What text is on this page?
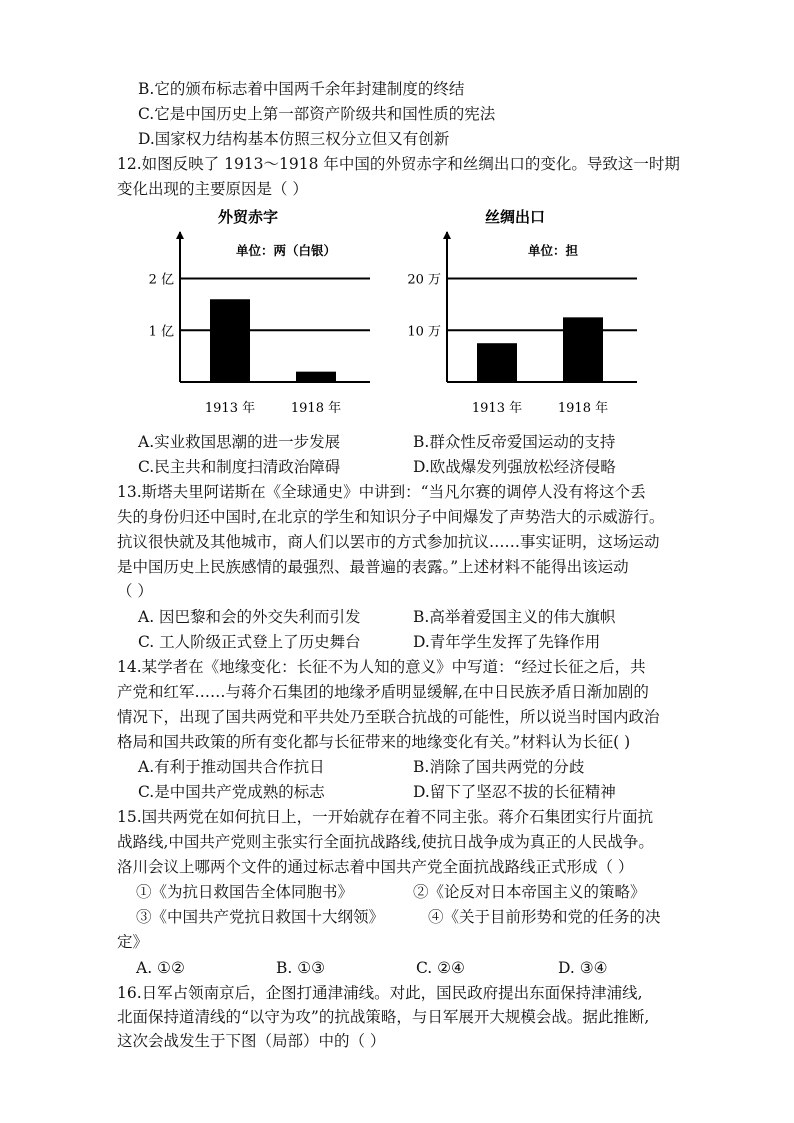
B.它的颁布标志着中国两千余年封建制度的终结
C.它是中国历史上第一部资产阶级共和国性质的宪法
D.国家权力结构基本仿照三权分立但又有创新
12.如图反映了 1913～1918 年中国的外贸赤字和丝绸出口的变化。导致这一时期
变化出现的主要原因是（ ）
外贸赤字
单位：两（白银）
1 亿
2 亿
1913 年	1918 年
丝绸出口
单位：担
10 万
20 万
1913 年	1918 年
A.实业救国思潮的进一步发展	B.群众性反帝爱国运动的支持
C.民主共和制度扫清政治障碍	D.欧战爆发列强放松经济侵略
13.斯塔夫里阿诺斯在《全球通史》中讲到：“当凡尔赛的调停人没有将这个丢
失的身份归还中国时,在北京的学生和知识分子中间爆发了声势浩大的示威游行。
抗议很快就及其他城市，商人们以罢市的方式参加抗议……事实证明，这场运动
是中国历史上民族感情的最强烈、最普遍的表露。”上述材料不能得出该运动
（ ）
A. 因巴黎和会的外交失利而引发	B.高举着爱国主义的伟大旗帜
C. 工人阶级正式登上了历史舞台	D.青年学生发挥了先锋作用
14.某学者在《地缘变化：长征不为人知的意义》中写道：“经过长征之后，共
产党和红军……与蒋介石集团的地缘矛盾明显缓解,在中日民族矛盾日渐加剧的
情况下，出现了国共两党和平共处乃至联合抗战的可能性，所以说当时国内政治
格局和国共政策的所有变化都与长征带来的地缘变化有关。”材料认为长征( )
A.有利于推动国共合作抗日	B.消除了国共两党的分歧
C.是中国共产党成熟的标志	D.留下了坚忍不拔的长征精神
15.国共两党在如何抗日上，一开始就存在着不同主张。蒋介石集团实行片面抗
战路线,中国共产党则主张实行全面抗战路线,使抗日战争成为真正的人民战争。
洛川会议上哪两个文件的通过标志着中国共产党全面抗战路线正式形成（ ）
①《为抗日救国告全体同胞书》	②《论反对日本帝国主义的策略》
③《中国共产党抗日救国十大纲领》	④《关于目前形势和党的任务的决
定》
A. ①②	B. ①③	C. ②④	D. ③④
16.日军占领南京后，企图打通津浦线。对此，国民政府提出东面保持津浦线,
北面保持道清线的“以守为攻”的抗战策略，与日军展开大规模会战。据此推断,
这次会战发生于下图（局部）中的（ ）
